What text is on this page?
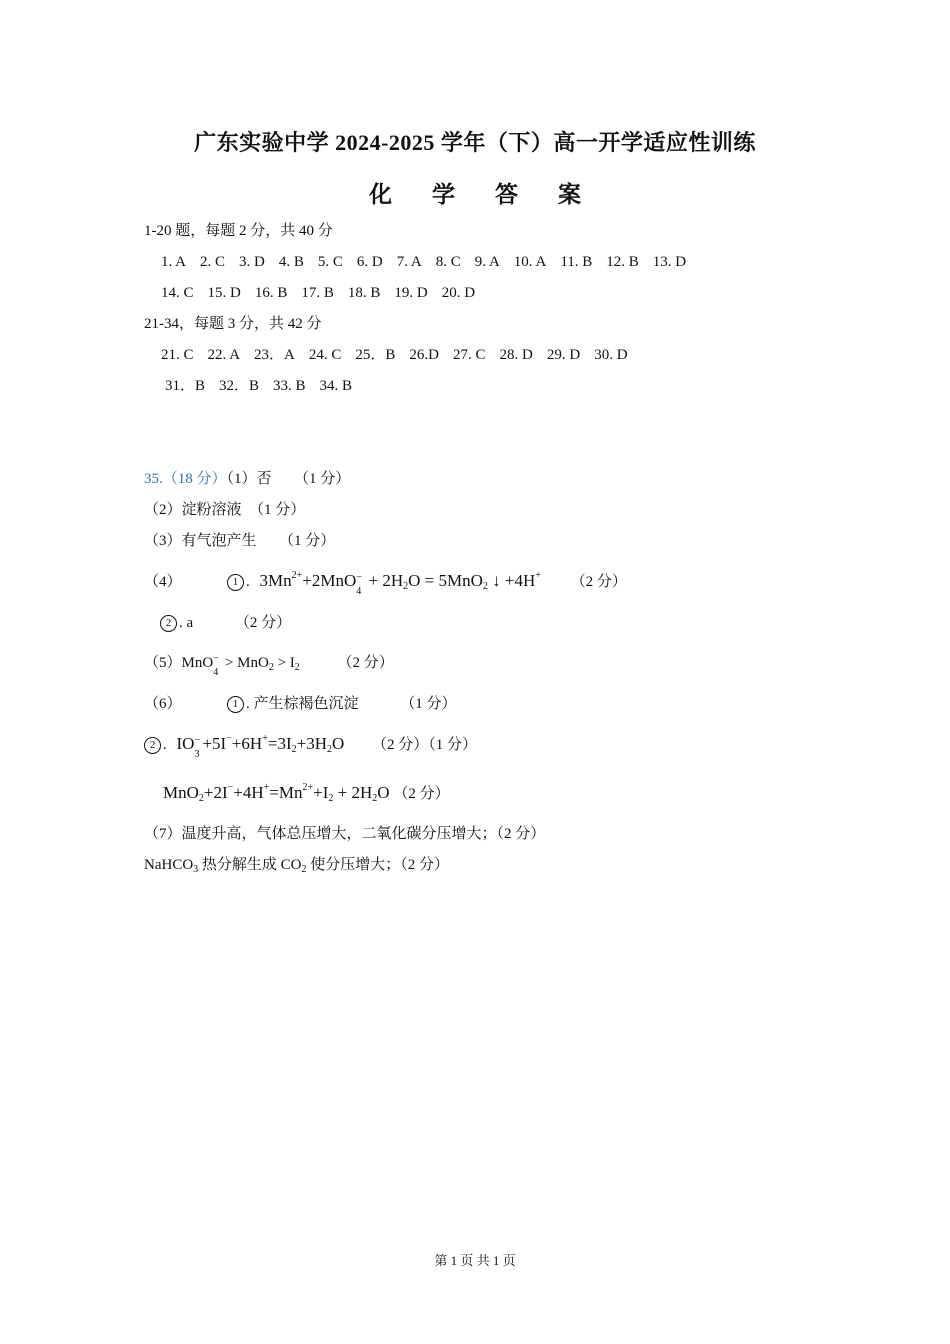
广东实验中学 2024-2025 学年（下）高一开学适应性训练
化学答案
1-20 题，每题 2 分，共 40 分
1. A 2. C 3. D 4. B 5. C 6. D 7. A 8. C 9. A 10. A 11. B 12. B 13. D
14. C 15. D 16. B 17. B 18. B 19. D 20. D
21-34，每题 3 分，共 42 分
21. C 22. A 23．A 24. C 25．B 26.D 27. C 28. D 29. D 30. D
31．B 32．B 33. B 34. B
35.（18 分）（1）否　　（1 分）
（2）淀粉溶液　（1 分）
（3）有气泡产生　　（1 分）
（4）	1 . $3Mn^{2+}+2MnO$ −
4
+ $2H_2O = 5MnO_2$ ↓ +4H+ （2 分）
2 . a	（2 分）
（5）MnO −
4
> $MnO_2 > I_2$	（2 分）
（6）	1 . 产生棕褐色沉淀	（1 分）
2 . IO −
3
$+5I^-+6H^+=3I_2+3H_2O$ （2 分）（1 分）
$MnO_2+2I^-+4H^+=Mn^{2+}+I_2 + 2H_2O$ （2 分）
（7）温度升高，气体总压增大，二氧化碳分压增大；（2 分）
NaHCO$_3$ 热分解生成 $CO_2$ 使分压增大；（2 分）
第 1 页 共 1 页
